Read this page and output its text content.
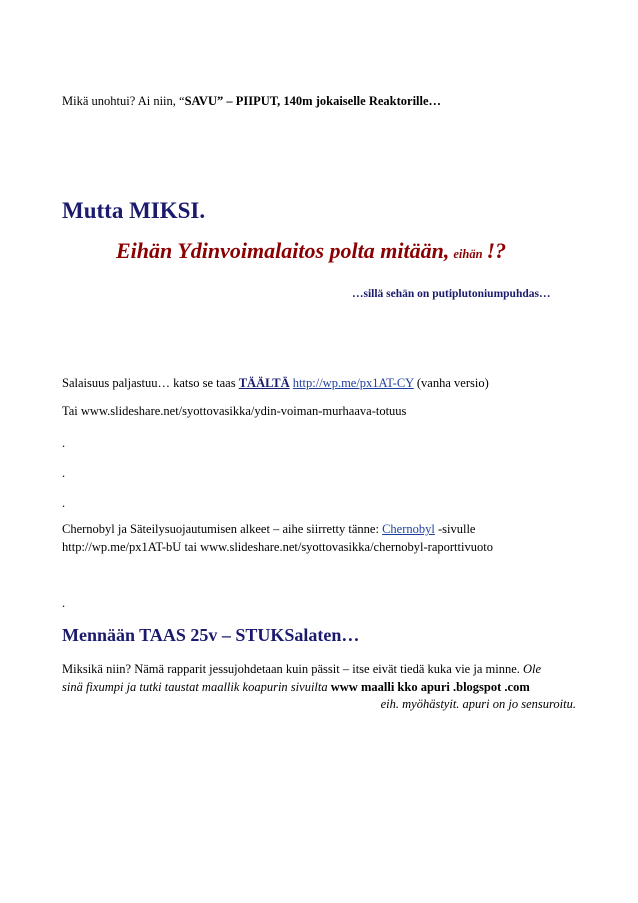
Mikä unohtui? Ai niin, “SAVU” – PIIPUT, 140m jokaiselle Reaktorille…
Mutta MIKSI.
Eihän Ydinvoimalaitos polta mitään, eihän !?
…sillä sehän on putiplutoniumpuhdas…
Salaisuus paljastuu… katso se taas TÄÄLTÄ http://wp.me/px1AT-CY (vanha versio)
Tai www.slideshare.net/syottovasikka/ydin-voiman-murhaava-totuus
.
.
.
Chernobyl ja Säteilysuojautumisen alkeet – aihe siirretty tänne: Chernobyl -sivulle
http://wp.me/px1AT-bU tai www.slideshare.net/syottovasikka/chernobyl-raporttivuoto
.
Mennään TAAS 25v – STUKSalaten…
Miksikä niin? Nämä rapparit jessujohdetaan kuin pässit – itse eivät tiedä kuka vie ja minne. Ole
sinä fixumpi ja tutki taustat maallik koapurin sivuilta www maalli kko apuri .blogspot .com
eih. myöhästyit. apuri on jo sensuroitu.
